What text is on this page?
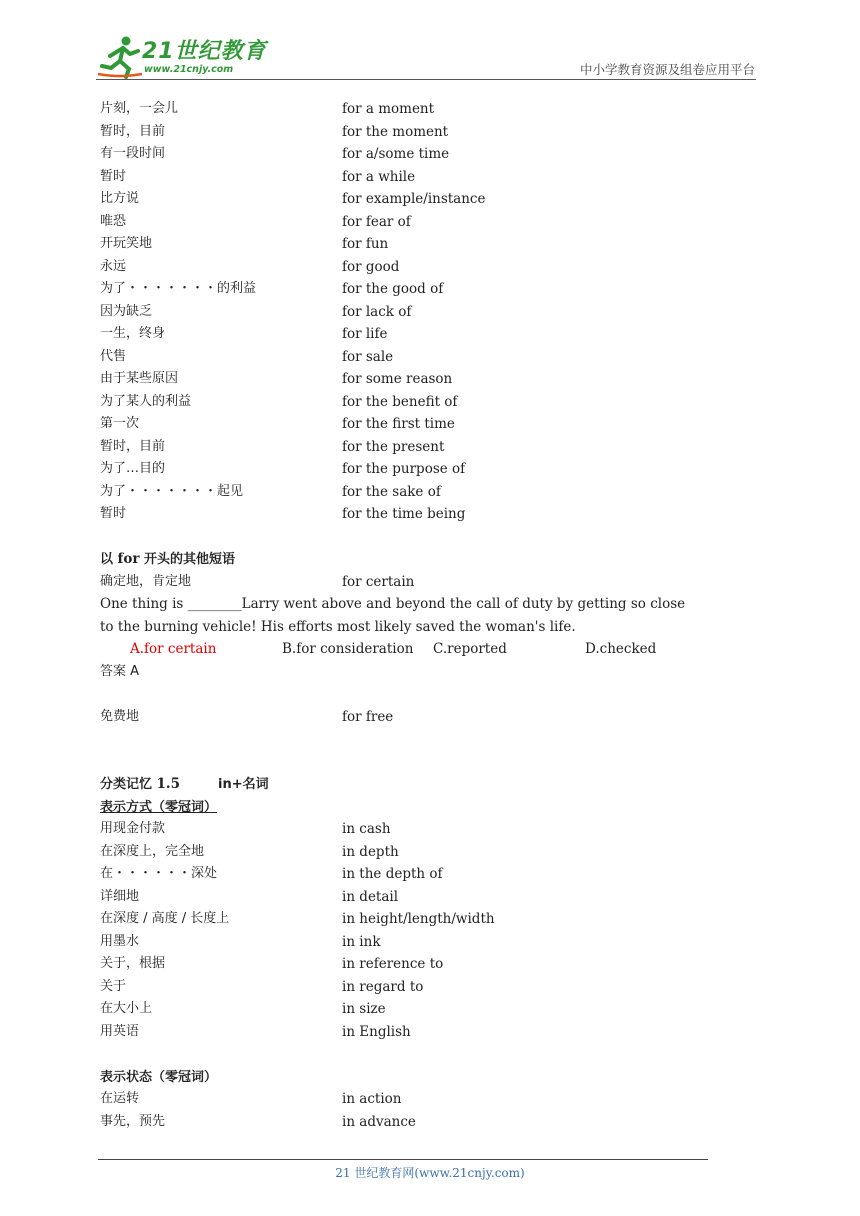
21世纪教育
www.21cnjy.com	中小学教育资源及组卷应用平台
片刻，一会儿	for a moment
暂时，目前	for the moment
有一段时间	for a/some time
暂时	for a while
比方说	for example/instance
唯恐	for fear of
开玩笑地	for fun
永远	for good
为了・・・・・・・的利益	for the good of
因为缺乏	for lack of
一生，终身	for life
代售	for sale
由于某些原因	for some reason
为了某人的利益	for the benefit of
第一次	for the first time
暂时，目前	for the present
为了…目的	for the purpose of
为了・・・・・・・起见	for the sake of
暂时	for the time being
以 for 开头的其他短语
确定地，肯定地	for certain
One thing is ________Larry went above and beyond the call of duty by getting so close to the burning vehicle! His efforts most likely saved the woman's life.
A.for certain	B.for consideration C.reported	D.checked
答案 A
免费地	for free
分类记忆 1.5	in+名词
表示方式（零冠词）
用现金付款	in cash
在深度上，完全地	in depth
在・・・・・・深处	in the depth of
详细地	in detail
在深度 / 高度 / 长度上	in height/length/width
用墨水	in ink
关于，根据	in reference to
关于	in regard to
在大小上	in size
用英语	in English
表示状态（零冠词）
在运转	in action
事先，预先	in advance
21 世纪教育网(www.21cnjy.com)
